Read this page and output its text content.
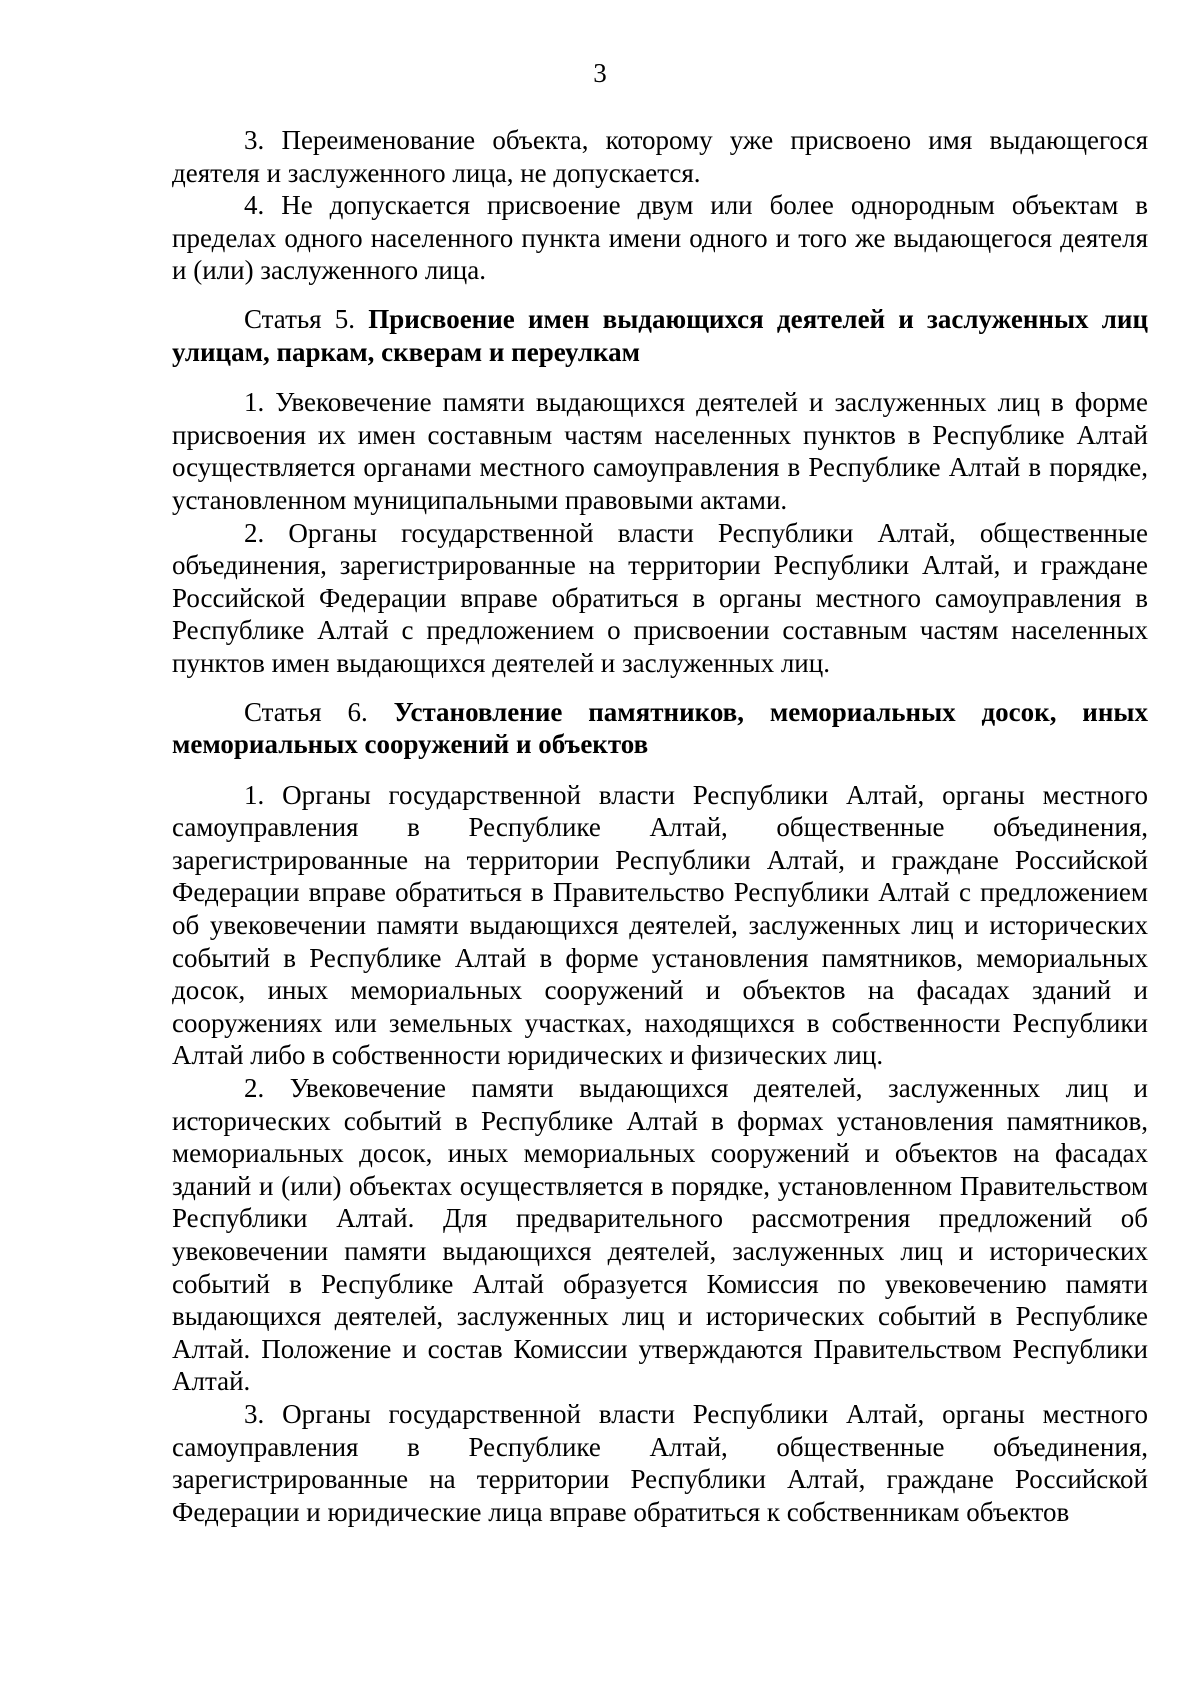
3

3. Переименование объекта, которому уже присвоено имя выдающегося деятеля и заслуженного лица, не допускается.

4. Не допускается присвоение двум или более однородным объектам в пределах одного населенного пункта имени одного и того же выдающегося деятеля и (или) заслуженного лица.

Статья 5. Присвоение имен выдающихся деятелей и заслуженных лиц улицам, паркам, скверам и переулкам

1. Увековечение памяти выдающихся деятелей и заслуженных лиц в форме присвоения их имен составным частям населенных пунктов в Республике Алтай осуществляется органами местного самоуправления в Республике Алтай в порядке, установленном муниципальными правовыми актами.

2. Органы государственной власти Республики Алтай, общественные объединения, зарегистрированные на территории Республики Алтай, и граждане Российской Федерации вправе обратиться в органы местного самоуправления в Республике Алтай с предложением о присвоении составным частям населенных пунктов имен выдающихся деятелей и заслуженных лиц.

Статья 6. Установление памятников, мемориальных досок, иных мемориальных сооружений и объектов

1. Органы государственной власти Республики Алтай, органы местного самоуправления в Республике Алтай, общественные объединения, зарегистрированные на территории Республики Алтай, и граждане Российской Федерации вправе обратиться в Правительство Республики Алтай с предложением об увековечении памяти выдающихся деятелей, заслуженных лиц и исторических событий в Республике Алтай в форме установления памятников, мемориальных досок, иных мемориальных сооружений и объектов на фасадах зданий и сооружениях или земельных участках, находящихся в собственности Республики Алтай либо в собственности юридических и физических лиц.

2. Увековечение памяти выдающихся деятелей, заслуженных лиц и исторических событий в Республике Алтай в формах установления памятников, мемориальных досок, иных мемориальных сооружений и объектов на фасадах зданий и (или) объектах осуществляется в порядке, установленном Правительством Республики Алтай. Для предварительного рассмотрения предложений об увековечении памяти выдающихся деятелей, заслуженных лиц и исторических событий в Республике Алтай образуется Комиссия по увековечению памяти выдающихся деятелей, заслуженных лиц и исторических событий в Республике Алтай. Положение и состав Комиссии утверждаются Правительством Республики Алтай.

3. Органы государственной власти Республики Алтай, органы местного самоуправления в Республике Алтай, общественные объединения, зарегистрированные на территории Республики Алтай, граждане Российской Федерации и юридические лица вправе обратиться к собственникам объектов
